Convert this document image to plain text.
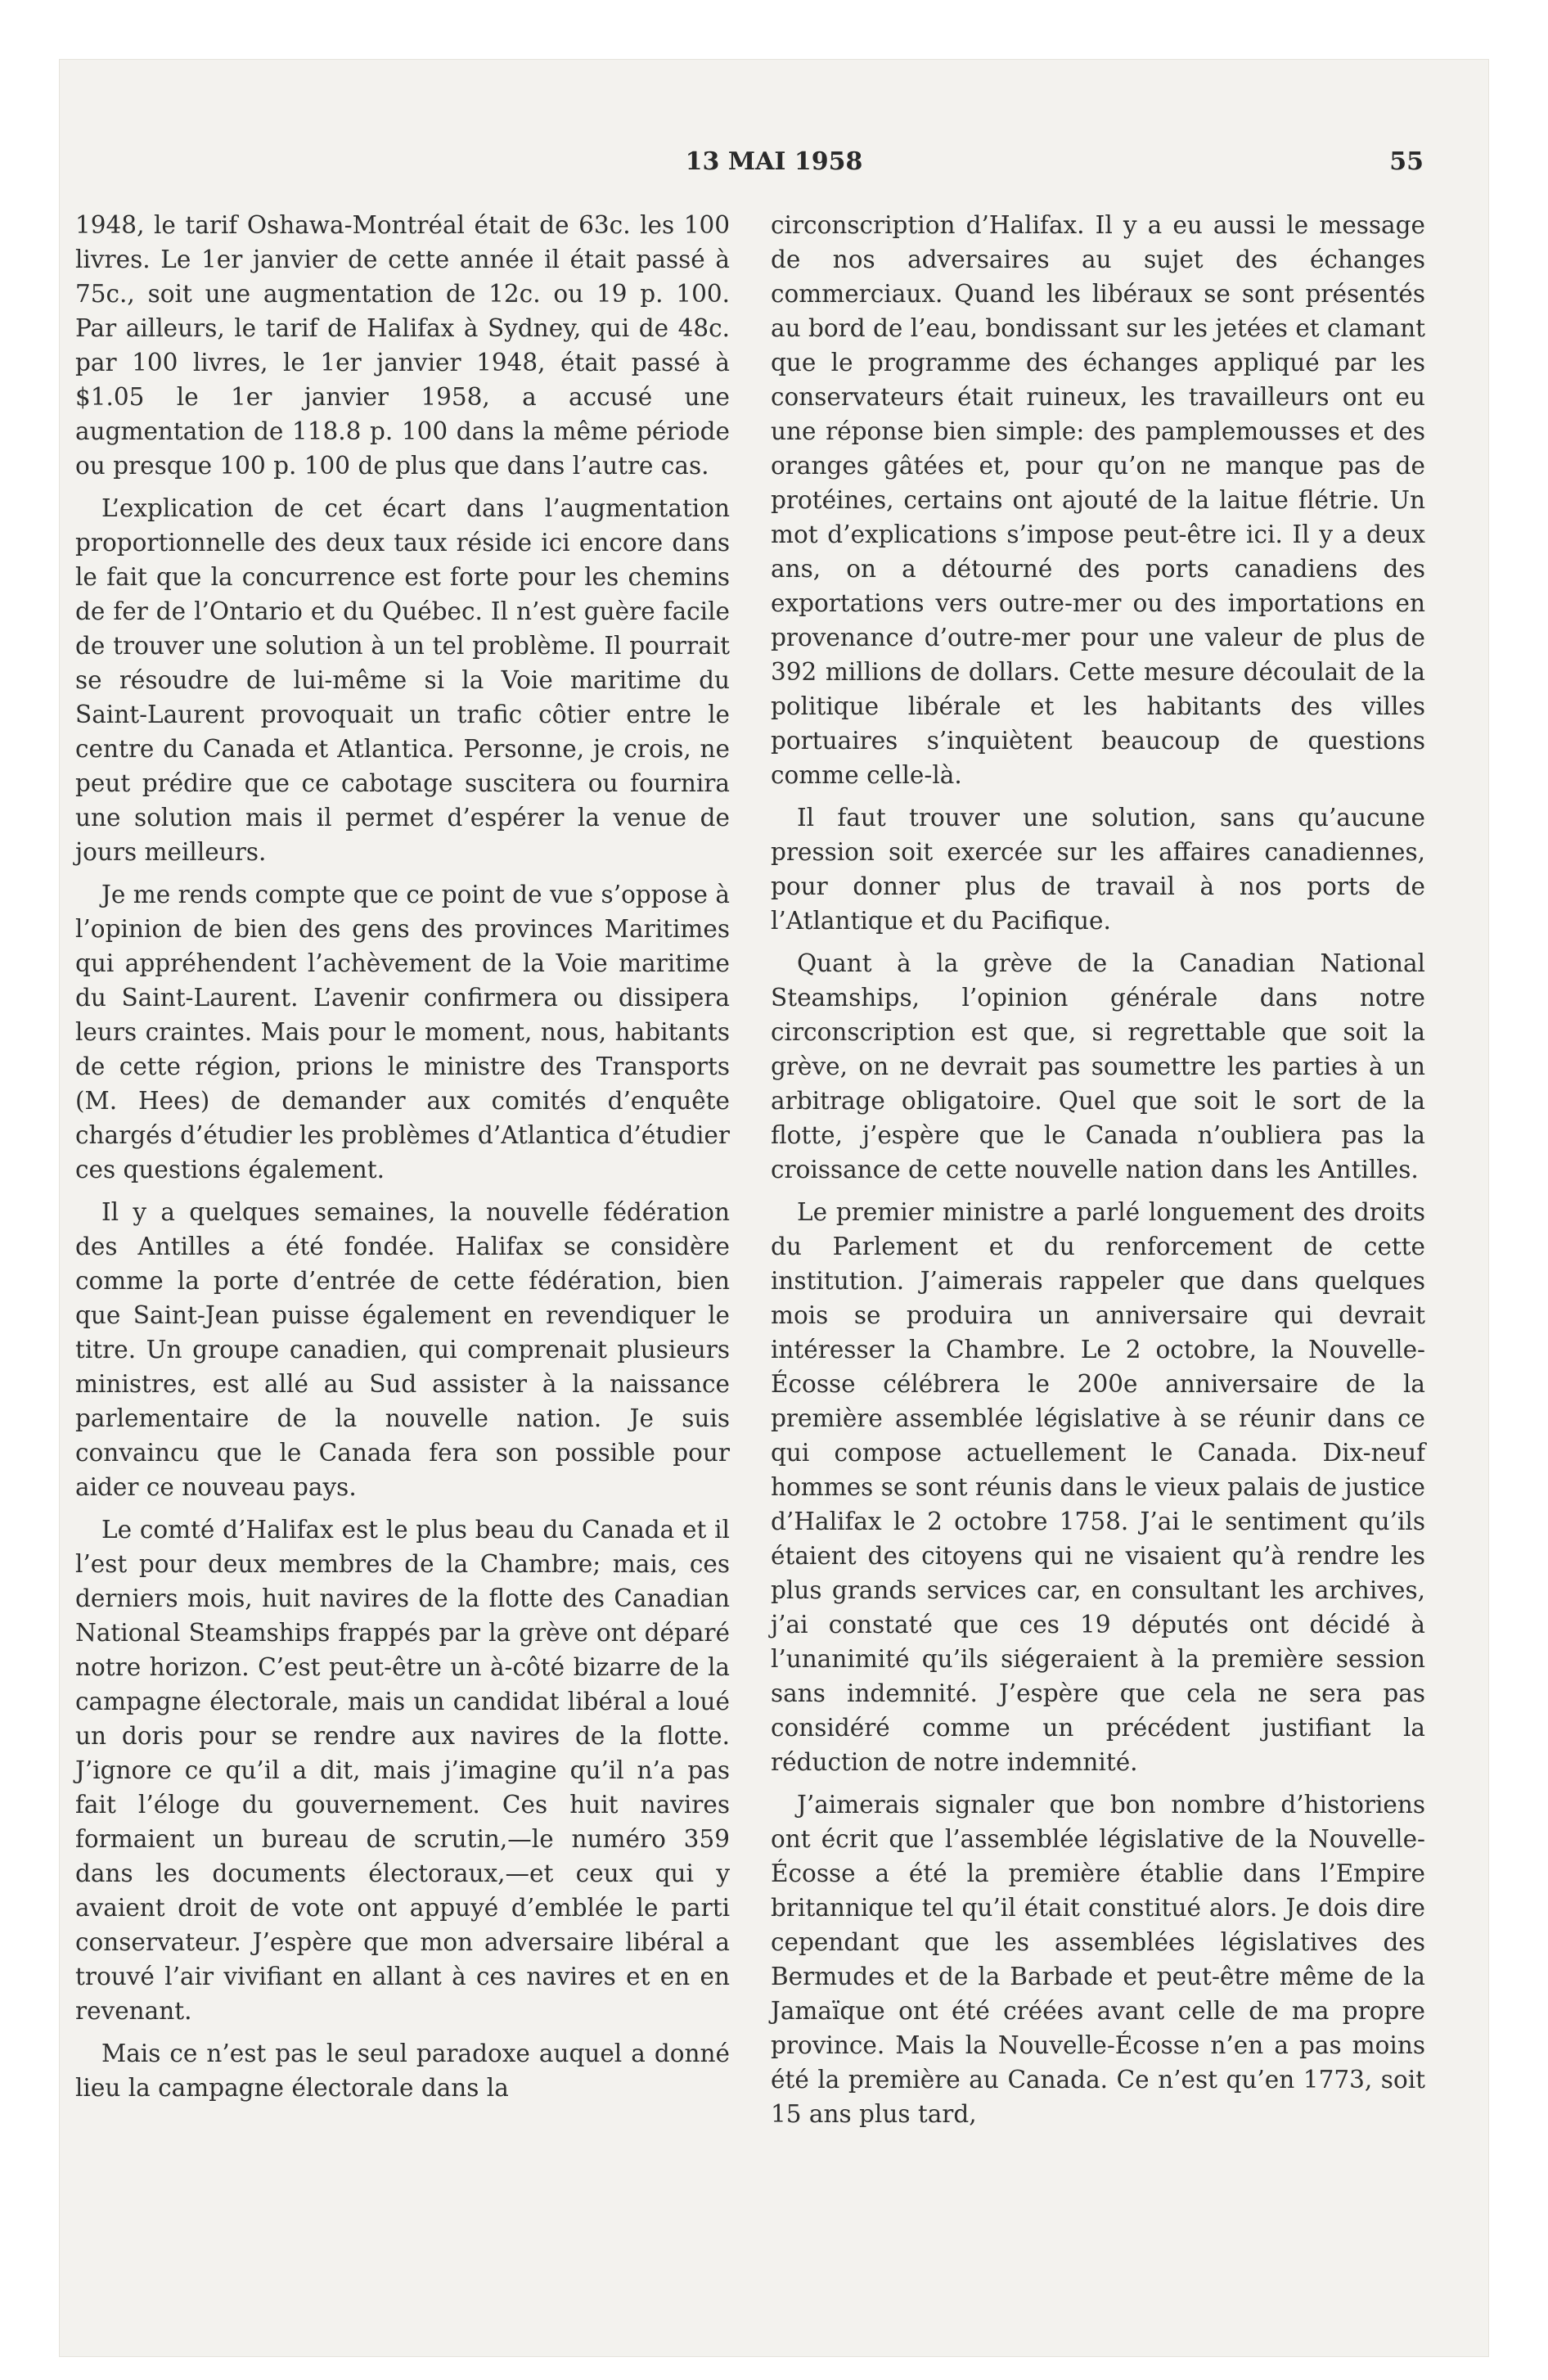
13 MAI 1958	55

1948, le tarif Oshawa-Montréal était de 63c. les 100 livres. Le 1er janvier de cette année il était passé à 75c., soit une augmentation de 12c. ou 19 p. 100. Par ailleurs, le tarif de Halifax à Sydney, qui de 48c. par 100 livres, le 1er janvier 1948, était passé à $1.05 le 1er janvier 1958, a accusé une augmentation de 118.8 p. 100 dans la même période ou presque 100 p. 100 de plus que dans l’autre cas.

L’explication de cet écart dans l’augmentation proportionnelle des deux taux réside ici encore dans le fait que la concurrence est forte pour les chemins de fer de l’Ontario et du Québec. Il n’est guère facile de trouver une solution à un tel problème. Il pourrait se résoudre de lui-même si la Voie maritime du Saint-Laurent provoquait un trafic côtier entre le centre du Canada et Atlantica. Personne, je crois, ne peut prédire que ce cabotage suscitera ou fournira une solution mais il permet d’espérer la venue de jours meilleurs.

Je me rends compte que ce point de vue s’oppose à l’opinion de bien des gens des provinces Maritimes qui appréhendent l’achèvement de la Voie maritime du Saint-Laurent. L’avenir confirmera ou dissipera leurs craintes. Mais pour le moment, nous, habitants de cette région, prions le ministre des Transports (M. Hees) de demander aux comités d’enquête chargés d’étudier les problèmes d’Atlantica d’étudier ces questions également.

Il y a quelques semaines, la nouvelle fédération des Antilles a été fondée. Halifax se considère comme la porte d’entrée de cette fédération, bien que Saint-Jean puisse également en revendiquer le titre. Un groupe canadien, qui comprenait plusieurs ministres, est allé au Sud assister à la naissance parlementaire de la nouvelle nation. Je suis convaincu que le Canada fera son possible pour aider ce nouveau pays.

Le comté d’Halifax est le plus beau du Canada et il l’est pour deux membres de la Chambre; mais, ces derniers mois, huit navires de la flotte des Canadian National Steamships frappés par la grève ont déparé notre horizon. C’est peut-être un à-côté bizarre de la campagne électorale, mais un candidat libéral a loué un doris pour se rendre aux navires de la flotte. J’ignore ce qu’il a dit, mais j’imagine qu’il n’a pas fait l’éloge du gouvernement. Ces huit navires formaient un bureau de scrutin,—le numéro 359 dans les documents électoraux,—et ceux qui y avaient droit de vote ont appuyé d’emblée le parti conservateur. J’espère que mon adversaire libéral a trouvé l’air vivifiant en allant à ces navires et en en revenant.

Mais ce n’est pas le seul paradoxe auquel a donné lieu la campagne électorale dans la

circonscription d’Halifax. Il y a eu aussi le message de nos adversaires au sujet des échanges commerciaux. Quand les libéraux se sont présentés au bord de l’eau, bondissant sur les jetées et clamant que le programme des échanges appliqué par les conservateurs était ruineux, les travailleurs ont eu une réponse bien simple: des pamplemousses et des oranges gâtées et, pour qu’on ne manque pas de protéines, certains ont ajouté de la laitue flétrie. Un mot d’explications s’impose peut-être ici. Il y a deux ans, on a détourné des ports canadiens des exportations vers outre-mer ou des importations en provenance d’outre-mer pour une valeur de plus de 392 millions de dollars. Cette mesure découlait de la politique libérale et les habitants des villes portuaires s’inquiètent beaucoup de questions comme celle-là.

Il faut trouver une solution, sans qu’aucune pression soit exercée sur les affaires canadiennes, pour donner plus de travail à nos ports de l’Atlantique et du Pacifique.

Quant à la grève de la Canadian National Steamships, l’opinion générale dans notre circonscription est que, si regrettable que soit la grève, on ne devrait pas soumettre les parties à un arbitrage obligatoire. Quel que soit le sort de la flotte, j’espère que le Canada n’oubliera pas la croissance de cette nouvelle nation dans les Antilles.

Le premier ministre a parlé longuement des droits du Parlement et du renforcement de cette institution. J’aimerais rappeler que dans quelques mois se produira un anniversaire qui devrait intéresser la Chambre. Le 2 octobre, la Nouvelle-Écosse célébrera le 200e anniversaire de la première assemblée législative à se réunir dans ce qui compose actuellement le Canada. Dix-neuf hommes se sont réunis dans le vieux palais de justice d’Halifax le 2 octobre 1758. J’ai le sentiment qu’ils étaient des citoyens qui ne visaient qu’à rendre les plus grands services car, en consultant les archives, j’ai constaté que ces 19 députés ont décidé à l’unanimité qu’ils siégeraient à la première session sans indemnité. J’espère que cela ne sera pas considéré comme un précédent justifiant la réduction de notre indemnité.

J’aimerais signaler que bon nombre d’historiens ont écrit que l’assemblée législative de la Nouvelle-Écosse a été la première établie dans l’Empire britannique tel qu’il était constitué alors. Je dois dire cependant que les assemblées législatives des Bermudes et de la Barbade et peut-être même de la Jamaïque ont été créées avant celle de ma propre province. Mais la Nouvelle-Écosse n’en a pas moins été la première au Canada. Ce n’est qu’en 1773, soit 15 ans plus tard,
